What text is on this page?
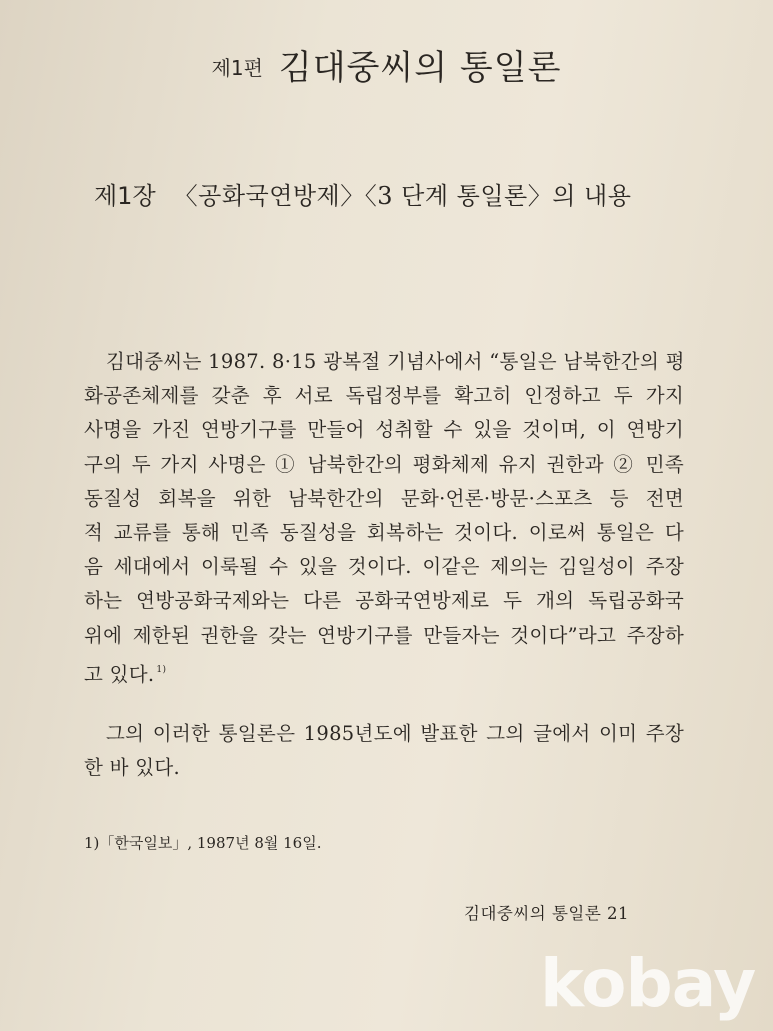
제1편 김대중씨의 통일론
제1장 〈공화국연방제〉〈3 단계 통일론〉의 내용
김대중씨는 1987. 8·15 광복절 기념사에서 “통일은 남북한간의 평
화공존체제를 갖춘 후 서로 독립정부를 확고히 인정하고 두 가지
사명을 가진 연방기구를 만들어 성취할 수 있을 것이며, 이 연방기
구의 두 가지 사명은 ① 남북한간의 평화체제 유지 권한과 ② 민족
동질성 회복을 위한 남북한간의 문화·언론·방문·스포츠 등 전면
적 교류를 통해 민족 동질성을 회복하는 것이다. 이로써 통일은 다
음 세대에서 이룩될 수 있을 것이다. 이같은 제의는 김일성이 주장
하는 연방공화국제와는 다른 공화국연방제로 두 개의 독립공화국
위에 제한된 권한을 갖는 연방기구를 만들자는 것이다”라고 주장하
고 있다. $^{1)}$
그의 이러한 통일론은 1985년도에 발표한 그의 글에서 이미 주장
한 바 있다.
1)「한국일보」, 1987년 8월 16일.
김대중씨의 통일론 21
kobay
